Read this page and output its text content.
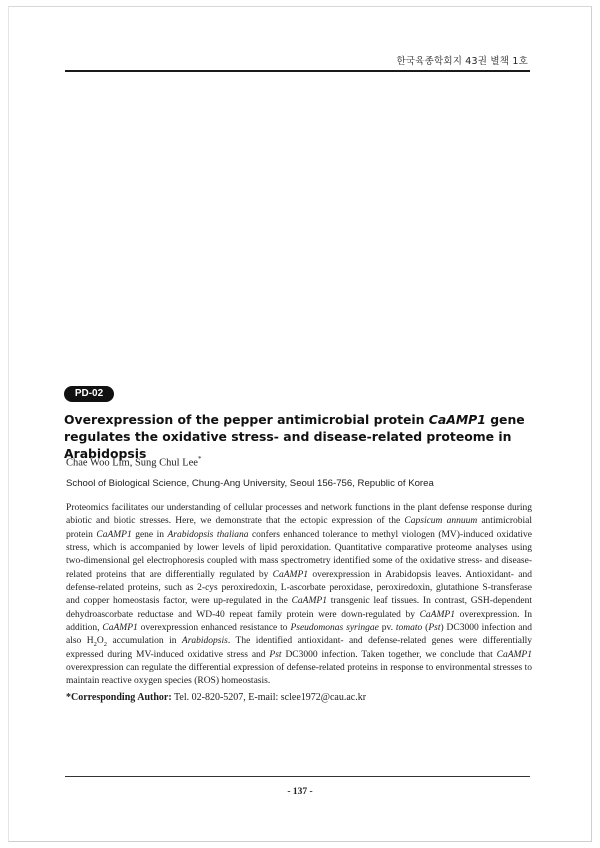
한국육종학회지 43권 별책 1호
PD-02
Overexpression of the pepper antimicrobial protein CaAMP1 gene regulates the oxidative stress- and disease-related proteome in Arabidopsis

Chae Woo Lim, Sung Chul Lee*

School of Biological Science, Chung-Ang University, Seoul 156-756, Republic of Korea

Proteomics facilitates our understanding of cellular processes and network functions in the plant defense response during abiotic and biotic stresses. Here, we demonstrate that the ectopic expression of the Capsicum annuum antimicrobial protein CaAMP1 gene in Arabidopsis thaliana confers enhanced tolerance to methyl viologen (MV)-induced oxidative stress, which is accompanied by lower levels of lipid peroxidation. Quantitative comparative proteome analyses using two-dimensional gel electrophoresis coupled with mass spectrometry identified some of the oxidative stress- and disease-related proteins that are differentially regulated by CaAMP1 overexpression in Arabidopsis leaves. Antioxidant- and defense-related proteins, such as 2-cys peroxiredoxin, L-ascorbate peroxidase, peroxiredoxin, glutathione S-transferase and copper homeostasis factor, were up-regulated in the CaAMP1 transgenic leaf tissues. In contrast, GSH-dependent dehydroascorbate reductase and WD-40 repeat family protein were down-regulated by CaAMP1 overexpression. In addition, CaAMP1 overexpression enhanced resistance to Pseudomonas syringae pv. tomato (Pst) DC3000 infection and also $H_2O_2$ accumulation in Arabidopsis. The identified antioxidant- and defense-related genes were differentially expressed during MV-induced oxidative stress and Pst DC3000 infection. Taken together, we conclude that CaAMP1 overexpression can regulate the differential expression of defense-related proteins in response to environmental stresses to maintain reactive oxygen species (ROS) homeostasis.

*Corresponding Author: Tel. 02-820-5207, E-mail: sclee1972@cau.ac.kr

- 137 -
